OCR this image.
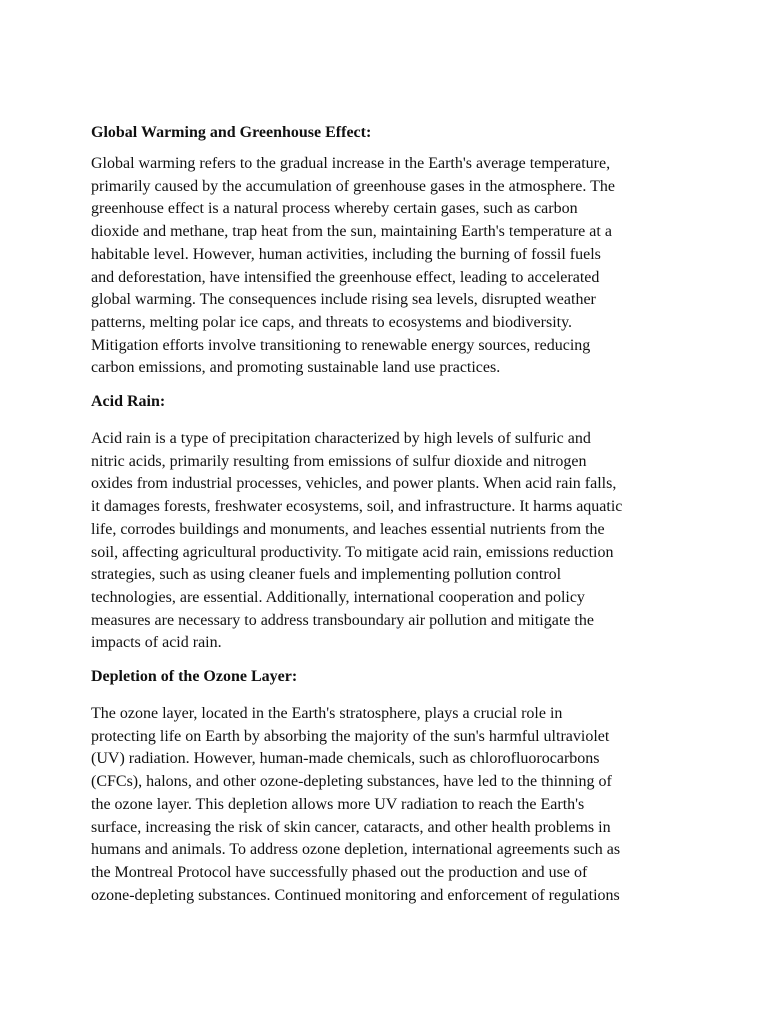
Global Warming and Greenhouse Effect:

Global warming refers to the gradual increase in the Earth's average temperature,
primarily caused by the accumulation of greenhouse gases in the atmosphere. The
greenhouse effect is a natural process whereby certain gases, such as carbon
dioxide and methane, trap heat from the sun, maintaining Earth's temperature at a
habitable level. However, human activities, including the burning of fossil fuels
and deforestation, have intensified the greenhouse effect, leading to accelerated
global warming. The consequences include rising sea levels, disrupted weather
patterns, melting polar ice caps, and threats to ecosystems and biodiversity.
Mitigation efforts involve transitioning to renewable energy sources, reducing
carbon emissions, and promoting sustainable land use practices.

Acid Rain:

Acid rain is a type of precipitation characterized by high levels of sulfuric and
nitric acids, primarily resulting from emissions of sulfur dioxide and nitrogen
oxides from industrial processes, vehicles, and power plants. When acid rain falls,
it damages forests, freshwater ecosystems, soil, and infrastructure. It harms aquatic
life, corrodes buildings and monuments, and leaches essential nutrients from the
soil, affecting agricultural productivity. To mitigate acid rain, emissions reduction
strategies, such as using cleaner fuels and implementing pollution control
technologies, are essential. Additionally, international cooperation and policy
measures are necessary to address transboundary air pollution and mitigate the
impacts of acid rain.

Depletion of the Ozone Layer:

The ozone layer, located in the Earth's stratosphere, plays a crucial role in
protecting life on Earth by absorbing the majority of the sun's harmful ultraviolet
(UV) radiation. However, human-made chemicals, such as chlorofluorocarbons
(CFCs), halons, and other ozone-depleting substances, have led to the thinning of
the ozone layer. This depletion allows more UV radiation to reach the Earth's
surface, increasing the risk of skin cancer, cataracts, and other health problems in
humans and animals. To address ozone depletion, international agreements such as
the Montreal Protocol have successfully phased out the production and use of
ozone-depleting substances. Continued monitoring and enforcement of regulations
